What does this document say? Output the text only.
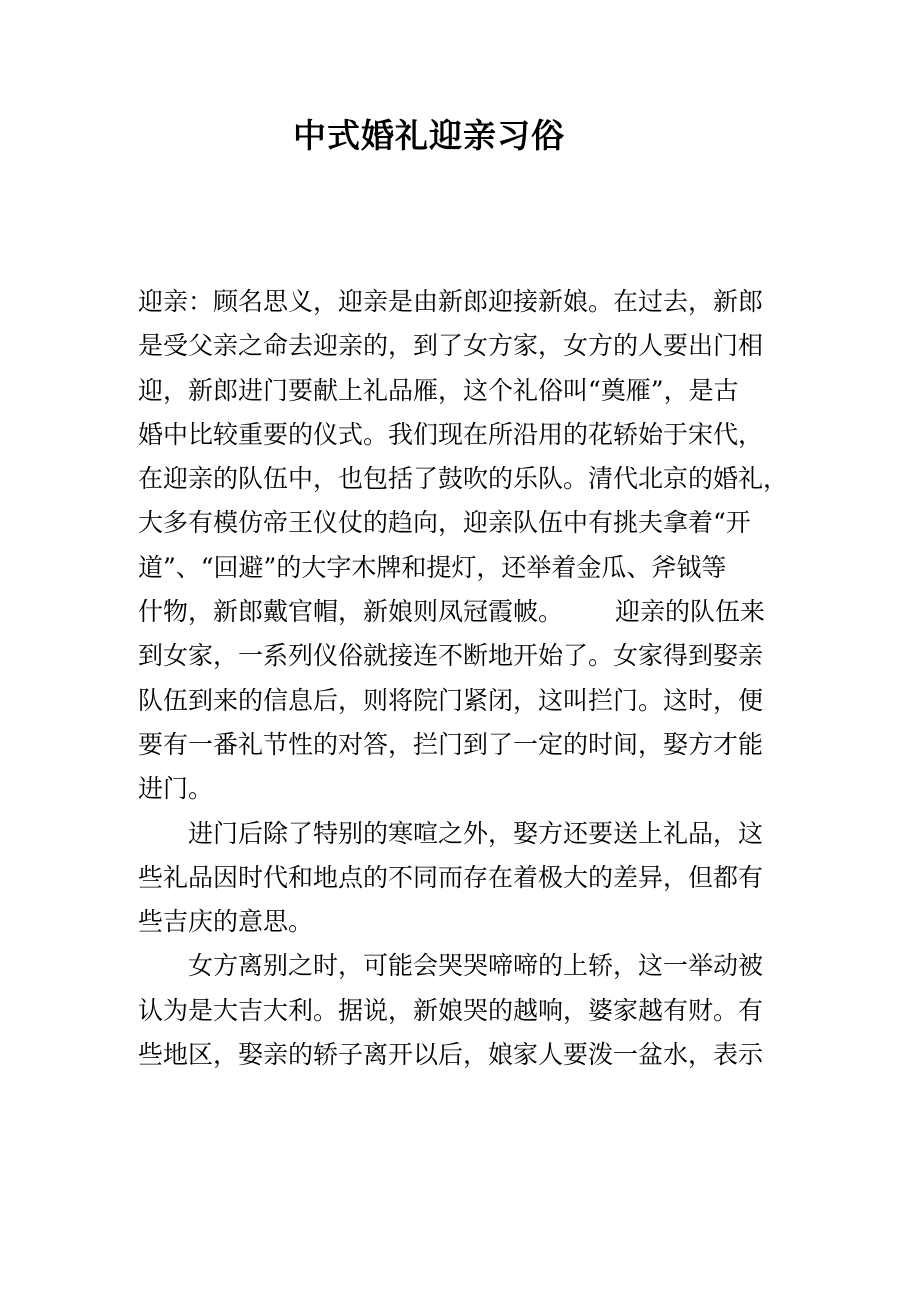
中式婚礼迎亲习俗
迎亲：顾名思义，迎亲是由新郎迎接新娘。在过去，新郎
是受父亲之命去迎亲的，到了女方家，女方的人要出门相
迎，新郎进门要献上礼品雁，这个礼俗叫“奠雁”，是古
婚中比较重要的仪式。我们现在所沿用的花轿始于宋代，
在迎亲的队伍中，也包括了鼓吹的乐队。清代北京的婚礼，
大多有模仿帝王仪仗的趋向，迎亲队伍中有挑夫拿着“开
道”、“回避”的大字木牌和提灯，还举着金瓜、斧钺等
什物，新郎戴官帽，新娘则凤冠霞帔。 迎亲的队伍来
到女家，一系列仪俗就接连不断地开始了。女家得到娶亲
队伍到来的信息后，则将院门紧闭，这叫拦门。这时，便
要有一番礼节性的对答，拦门到了一定的时间，娶方才能
进门。
进门后除了特别的寒喧之外，娶方还要送上礼品，这
些礼品因时代和地点的不同而存在着极大的差异，但都有
些吉庆的意思。
女方离别之时，可能会哭哭啼啼的上轿，这一举动被
认为是大吉大利。据说，新娘哭的越响，婆家越有财。有
些地区，娶亲的轿子离开以后，娘家人要泼一盆水，表示
